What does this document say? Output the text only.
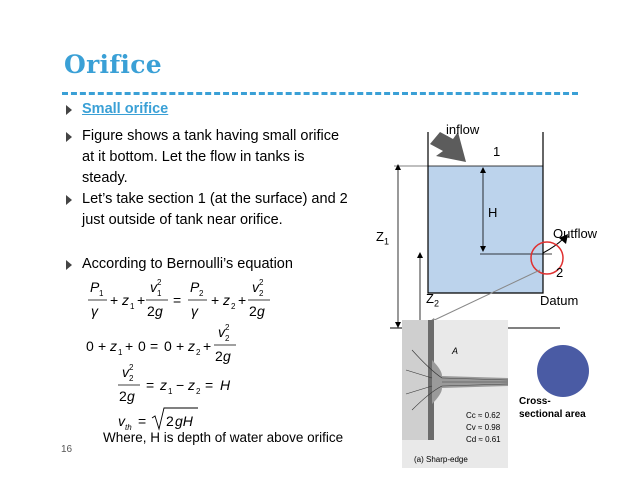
Orifice
Small orifice
Figure shows a tank having small orifice at it bottom. Let the flow in tanks is steady.
Let’s take section 1 (at the surface) and 2 just outside of tank near orifice.
According to Bernoulli’s equation
P 1
γ
+ z 1 +
v 2
1
2 g
=
P 2
γ
+ z 2 +
v 2
2
2 g
0 + z 1 + 0 = 0 + z 2 +
v 2
2
2 g
v 2
2
2 g
= z 1 − z 2 = H
v th = 2 gH
16
Where, H is depth of water above orifice
inflow
1
H
$Z_1$
Outflow
2
$Z_2$	Datum
A
Cc ≈ 0.62
Cv ≈ 0.98
Cd ≈ 0.61
(a) Sharp-edge
Cross-
sectional area
